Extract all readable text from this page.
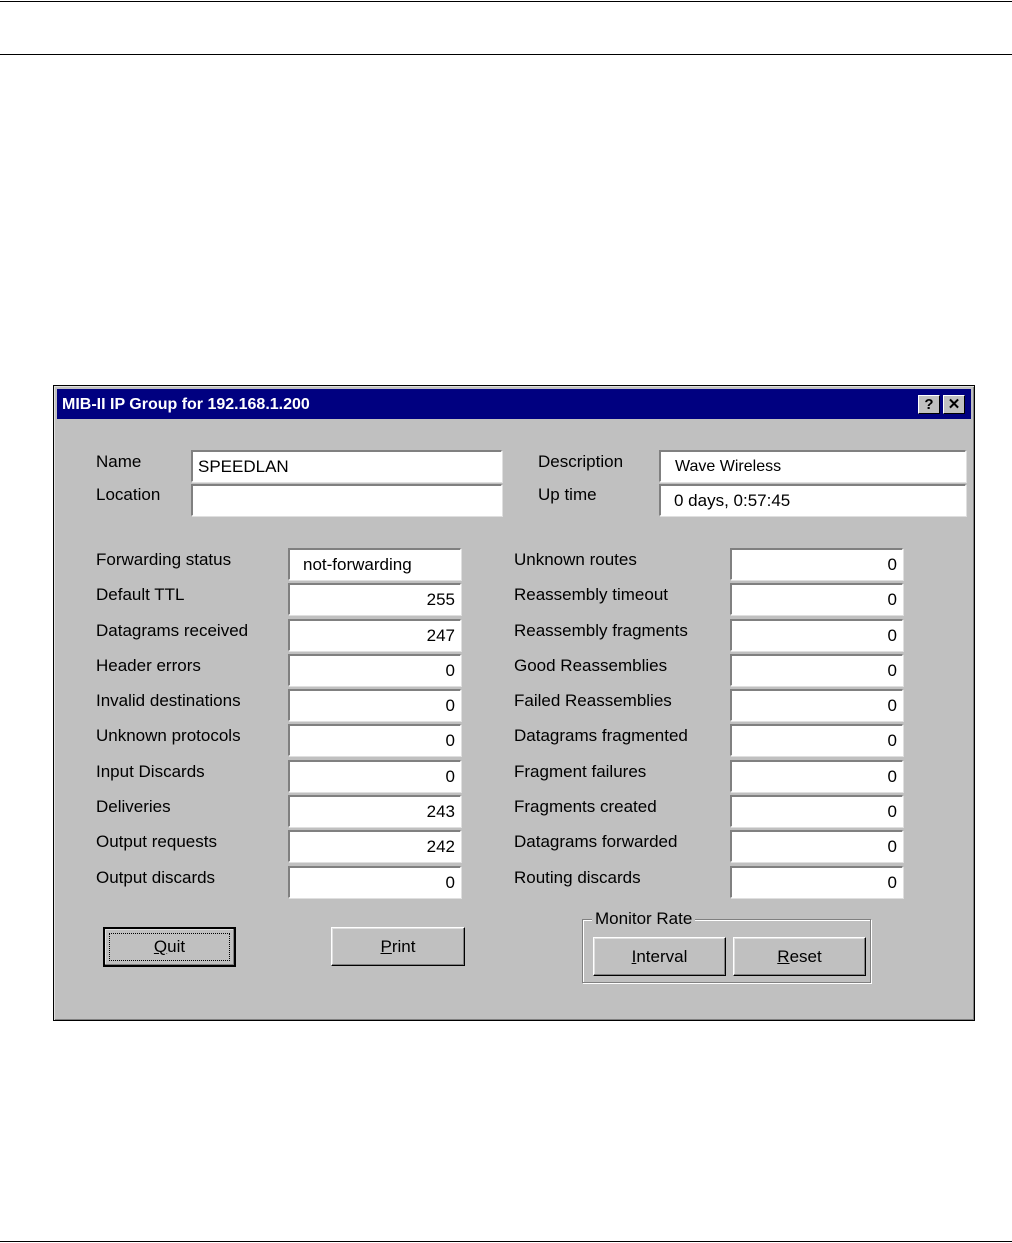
MIB-II IP Group for 192.168.1.200	? ✕
Name	SPEEDLAN
Location
Description	Wave Wireless
Up time	0 days, 0:57:45
Forwarding status	not-forwarding
Default TTL	255
Datagrams received	247
Header errors	0
Invalid destinations	0
Unknown protocols	0
Input Discards	0
Deliveries	243
Output requests	242
Output discards	0
Unknown routes	0
Reassembly timeout	0
Reassembly fragments	0
Good Reassemblies	0
Failed Reassemblies	0
Datagrams fragmented	0
Fragment failures	0
Fragments created	0
Datagrams forwarded	0
Routing discards	0
Quit	Print
Monitor Rate
Interval	Reset
